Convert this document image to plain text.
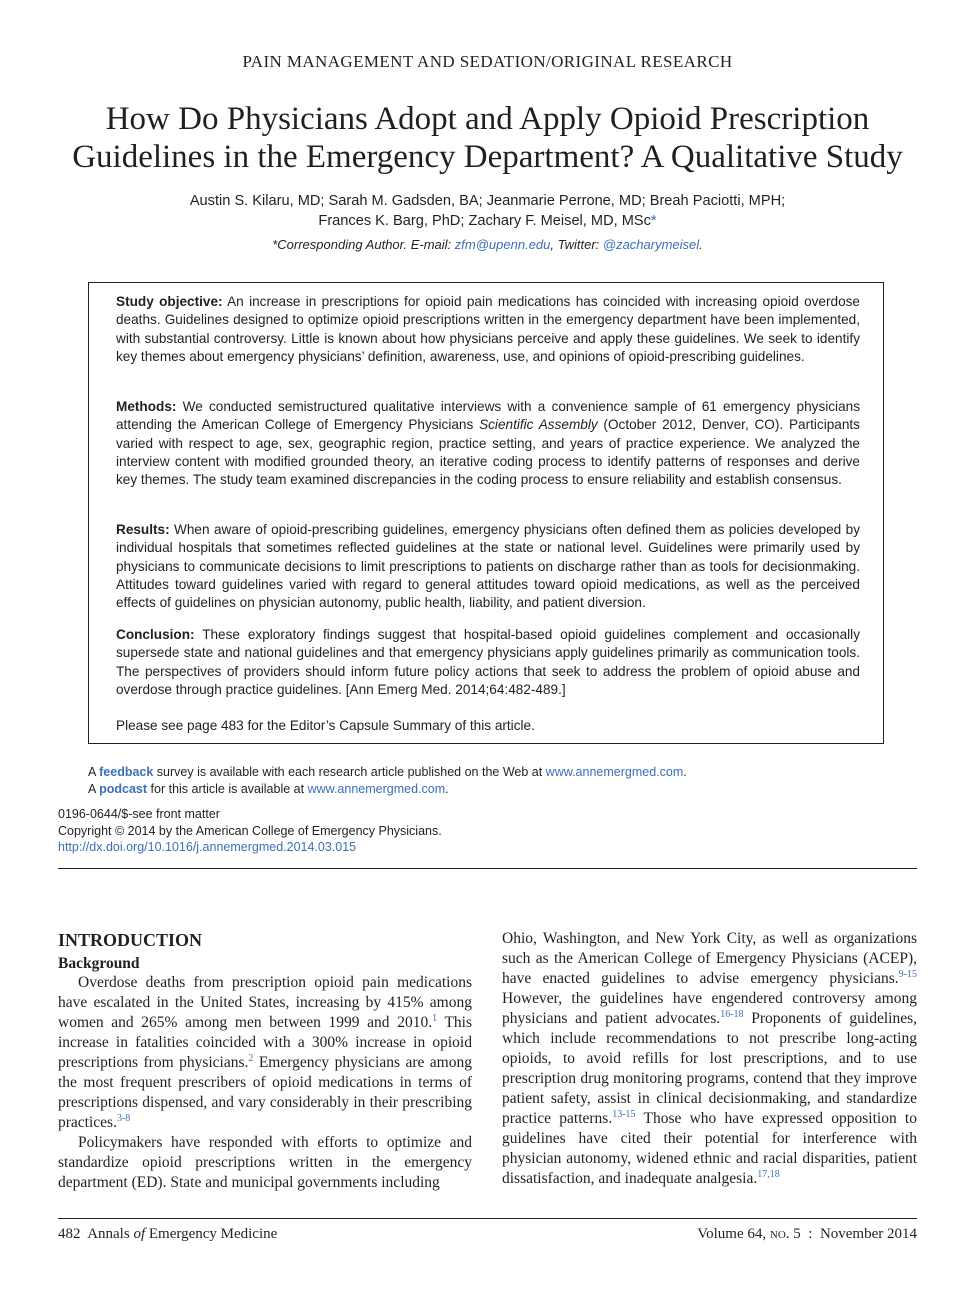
PAIN MANAGEMENT AND SEDATION/ORIGINAL RESEARCH
How Do Physicians Adopt and Apply Opioid Prescription
Guidelines in the Emergency Department? A Qualitative Study
Austin S. Kilaru, MD; Sarah M. Gadsden, BA; Jeanmarie Perrone, MD; Breah Paciotti, MPH;
Frances K. Barg, PhD; Zachary F. Meisel, MD, MSc*
*Corresponding Author. E-mail: zfm@upenn.edu, Twitter: @zacharymeisel.

Study objective: An increase in prescriptions for opioid pain medications has coincided with increasing opioid overdose deaths. Guidelines designed to optimize opioid prescriptions written in the emergency department have been implemented, with substantial controversy. Little is known about how physicians perceive and apply these guidelines. We seek to identify key themes about emergency physicians’ definition, awareness, use, and opinions of opioid-prescribing guidelines.

Methods: We conducted semistructured qualitative interviews with a convenience sample of 61 emergency physicians attending the American College of Emergency Physicians Scientific Assembly (October 2012, Denver, CO). Participants varied with respect to age, sex, geographic region, practice setting, and years of practice experience. We analyzed the interview content with modified grounded theory, an iterative coding process to identify patterns of responses and derive key themes. The study team examined discrepancies in the coding process to ensure reliability and establish consensus.

Results: When aware of opioid-prescribing guidelines, emergency physicians often defined them as policies developed by individual hospitals that sometimes reflected guidelines at the state or national level. Guidelines were primarily used by physicians to communicate decisions to limit prescriptions to patients on discharge rather than as tools for decisionmaking. Attitudes toward guidelines varied with regard to general attitudes toward opioid medications, as well as the perceived effects of guidelines on physician autonomy, public health, liability, and patient diversion.

Conclusion: These exploratory findings suggest that hospital-based opioid guidelines complement and occasionally supersede state and national guidelines and that emergency physicians apply guidelines primarily as communication tools. The perspectives of providers should inform future policy actions that seek to address the problem of opioid abuse and overdose through practice guidelines. [Ann Emerg Med. 2014;64:482-489.]

Please see page 483 for the Editor’s Capsule Summary of this article.

A feedback survey is available with each research article published on the Web at www.annemergmed.com.
A podcast for this article is available at www.annemergmed.com.
0196-0644/$-see front matter
Copyright © 2014 by the American College of Emergency Physicians.
http://dx.doi.org/10.1016/j.annemergmed.2014.03.015
INTRODUCTION
Background

Overdose deaths from prescription opioid pain medications have escalated in the United States, increasing by 415% among women and 265% among men between 1999 and 2010.$^1$ This increase in fatalities coincided with a 300% increase in opioid prescriptions from physicians.$^2$ Emergency physicians are among the most frequent prescribers of opioid medications in terms of prescriptions dispensed, and vary considerably in their prescribing practices.$^{3-8}$

Policymakers have responded with efforts to optimize and standardize opioid prescriptions written in the emergency department (ED). State and municipal governments including

Ohio, Washington, and New York City, as well as organizations such as the American College of Emergency Physicians (ACEP), have enacted guidelines to advise emergency physicians.$^{9-15}$ However, the guidelines have engendered controversy among physicians and patient advocates.$^{16-18}$ Proponents of guidelines, which include recommendations to not prescribe long-acting opioids, to avoid refills for lost prescriptions, and to use prescription drug monitoring programs, contend that they improve patient safety, assist in clinical decisionmaking, and standardize practice patterns.$^{13-15}$ Those who have expressed opposition to guidelines have cited their potential for interference with physician autonomy, widened ethnic and racial disparities, patient dissatisfaction, and inadequate analgesia.$^{17,18}$

482 Annals of Emergency Medicine	Volume 64, no. 5 : November 2014
